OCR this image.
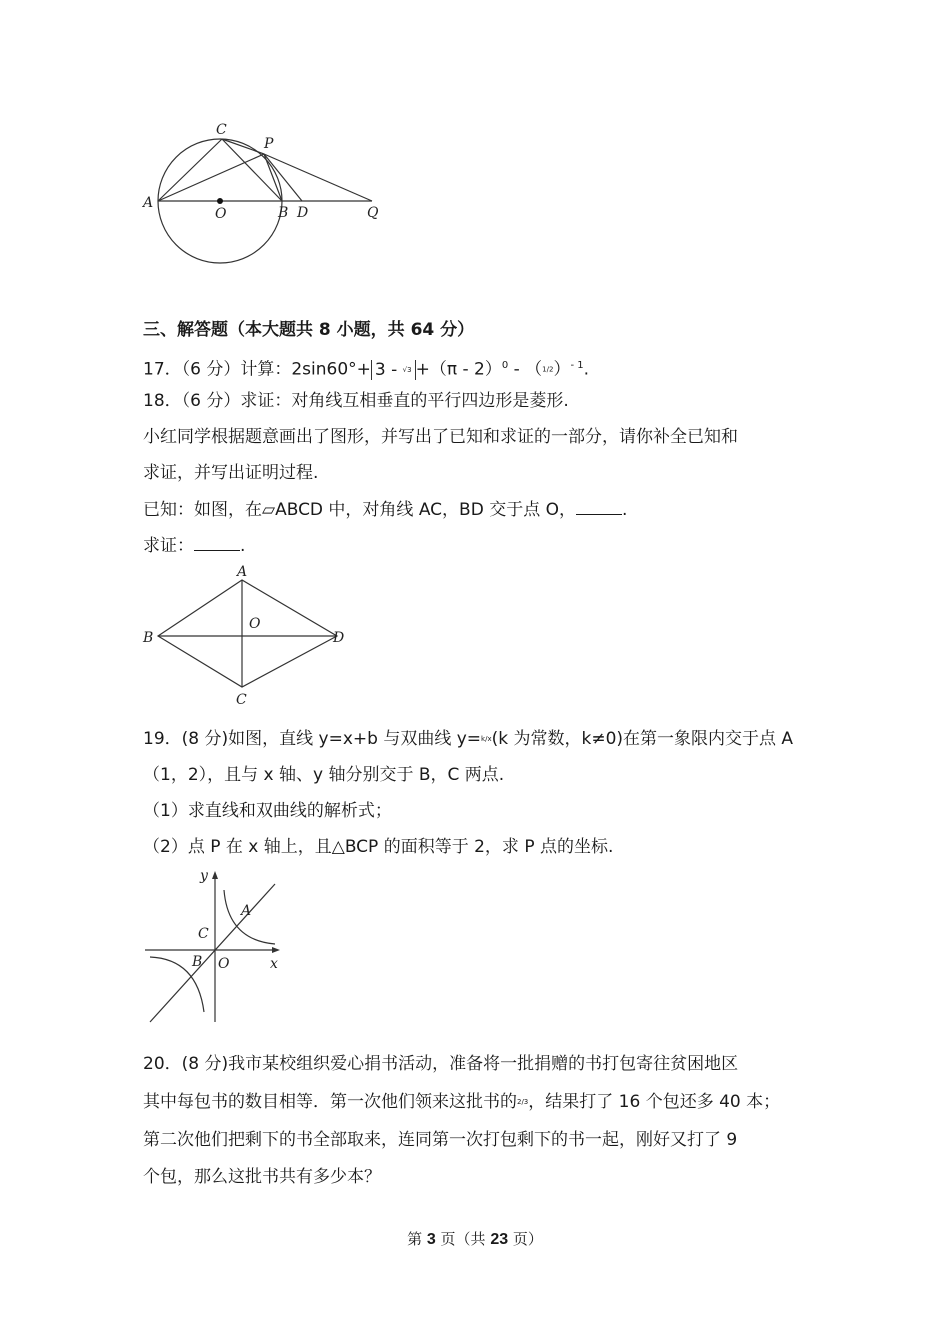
C
P
A
O	B D	Q
三、解答题（本大题共 8 小题，共 64 分）
17．（6 分）计算：$2\sin 60^\circ+ 3 - √3 +(\pi - 2)^0 - (1/2)^{- 1}$.
18．（6 分）求证：对角线互相垂直的平行四边形是菱形.
小红同学根据题意画出了图形，并写出了已知和求证的一部分，请你补全已知和
求证，并写出证明过程.
已知：如图，在▱ABCD 中，对角线 AC，BD 交于点 O，	.
求证：	.
A
B
O
D
C
19．(8 分)如图，直线 y=x+b 与双曲线 y=k/x(k 为常数，k≠0)在第一象限内交于点 A
（1，2），且与 x 轴、y 轴分别交于 B，C 两点.
（1）求直线和双曲线的解析式；
（2）点 P 在 x 轴上，且△BCP 的面积等于 2，求 P 点的坐标.
y
A
C
B O	x
20．(8 分)我市某校组织爱心捐书活动，准备将一批捐赠的书打包寄往贫困地区
其中每包书的数目相等．第一次他们领来这批书的2/3，结果打了 16 个包还多 40 本；
第二次他们把剩下的书全部取来，连同第一次打包剩下的书一起，刚好又打了 9
个包，那么这批书共有多少本？
第 3 页（共 23 页）
